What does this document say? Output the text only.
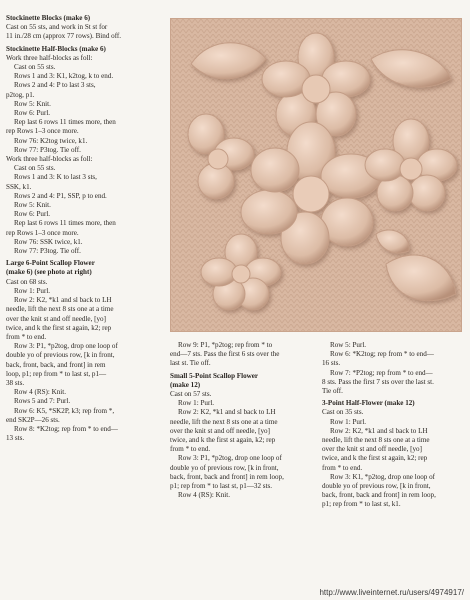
Stockinette Blocks (make 6)

Cast on 55 sts, and work in St st for

11 in./28 cm (approx 77 rows). Bind off.

Stockinette Half-Blocks (make 6)

Work three half-blocks as foll:

Cast on 55 sts.

Rows 1 and 3: K1, k2tog, k to end.

Rows 2 and 4: P to last 3 sts,

p2tog, p1.

Row 5: Knit.

Row 6: Purl.

Rep last 6 rows 11 times more, then

rep Rows 1–3 once more.

Row 76: K2tog twice, k1.

Row 77: P3tog. Tie off.

Work three half-blocks as foll:

Cast on 55 sts.

Rows 1 and 3: K to last 3 sts,

SSK, k1.

Rows 2 and 4: P1, SSP, p to end.

Row 5: Knit.

Row 6: Purl.

Rep last 6 rows 11 times more, then

rep Rows 1–3 once more.

Row 76: SSK twice, k1.

Row 77: P3tog. Tie off.

Large 6-Point Scallop Flower

(make 6) (see photo at right)

Cast on 68 sts.

Row 1: Purl.

Row 2: K2, *k1 and sl back to LH

needle, lift the next 8 sts one at a time

over the knit st and off needle, [yo]

twice, and k the first st again, k2; rep

from * to end.

Row 3: P1, *p2tog, drop one loop of

double yo of previous row, [k in front,

back, front, back, and front] in rem

loop, p1; rep from * to last st, p1—

38 sts.

Row 4 (RS): Knit.

Rows 5 and 7: Purl.

Row 6: K5, *SK2P, k3; rep from *,

end SK2P—26 sts.

Row 8: *K2tog; rep from * to end—

13 sts.

Row 9: P1, *p2tog; rep from * to

end—7 sts. Pass the first 6 sts over the

last st. Tie off.

Small 5-Point Scallop Flower

(make 12)

Cast on 57 sts.

Row 1: Purl.

Row 2: K2, *k1 and sl back to LH

needle, lift the next 8 sts one at a time

over the knit st and off needle, [yo]

twice, and k the first st again, k2; rep

from * to end.

Row 3: P1, *p2tog, drop one loop of

double yo of previous row, [k in front,

back, front, back and front] in rem loop,

p1; rep from * to last st, p1—32 sts.

Row 4 (RS): Knit.

Row 5: Purl.

Row 6: *K2tog; rep from * to end—

16 sts.

Row 7: *P2tog; rep from * to end—

8 sts. Pass the first 7 sts over the last st.

Tie off.

3-Point Half-Flower (make 12)

Cast on 35 sts.

Row 1: Purl.

Row 2: K2, *k1 and sl back to LH

needle, lift the next 8 sts one at a time

over the knit st and off needle, [yo]

twice, and k the first st again, k2; rep

from * to end.

Row 3: K1, *p2tog, drop one loop of

double yo of previous row, [k in front,

back, front, back and front] in rem loop,

p1; rep from * to last st, k1.

http://www.liveinternet.ru/users/4974917/
